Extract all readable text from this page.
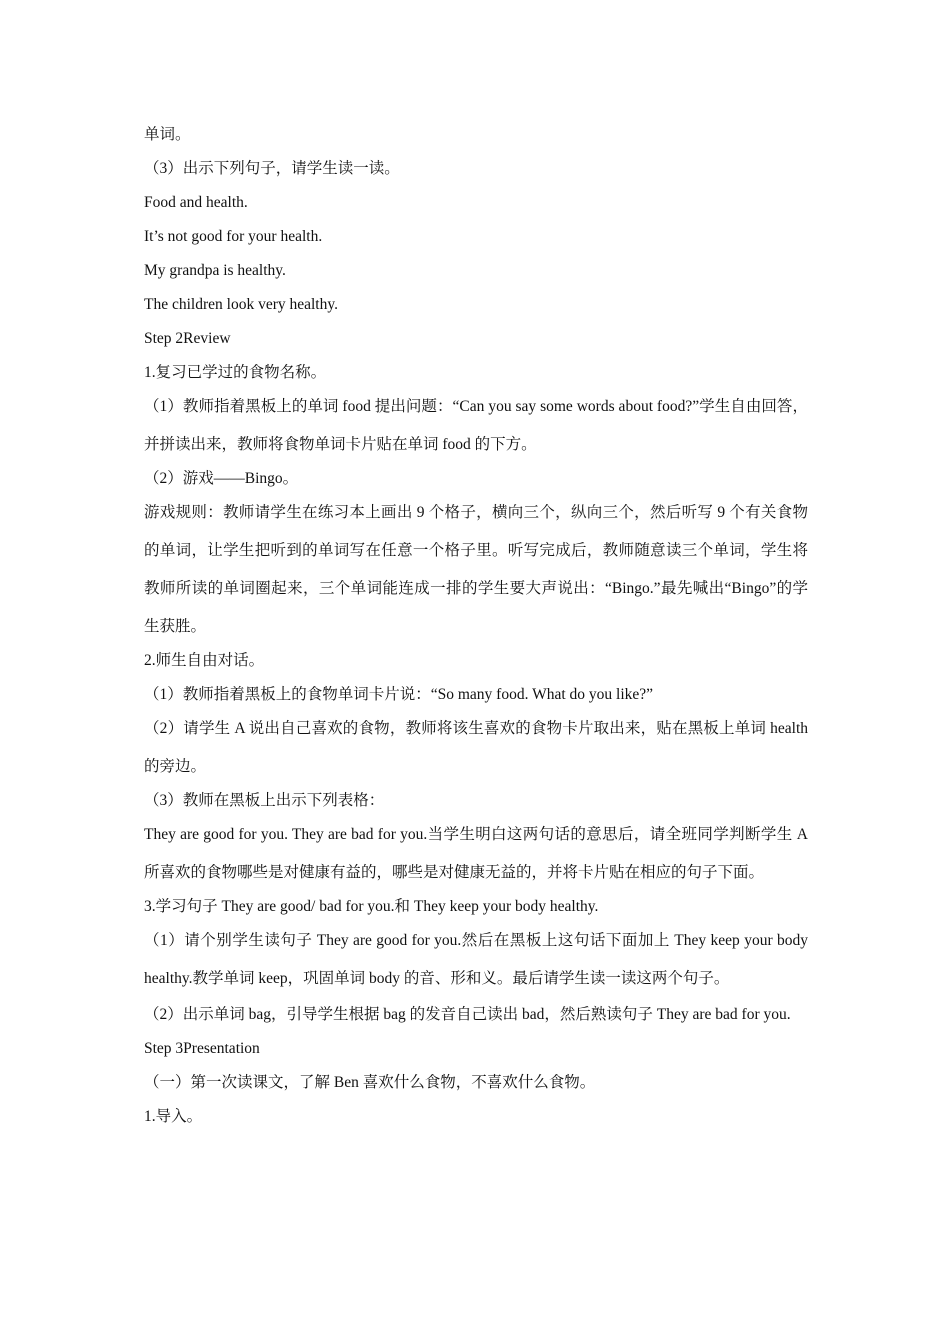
单词。
（3）出示下列句子，请学生读一读。
Food and health.
It’s not good for your health.
My grandpa is healthy.
The children look very healthy.
Step 2Review
1.复习已学过的食物名称。
（1）教师指着黑板上的单词 food 提出问题：“Can you say some words about food?”学生自由回答，并拼读出来，教师将食物单词卡片贴在单词 food 的下方。
（2）游戏——Bingo。
游戏规则：教师请学生在练习本上画出 9 个格子，横向三个，纵向三个，然后听写 9 个有关食物的单词，让学生把听到的单词写在任意一个格子里。听写完成后，教师随意读三个单词，学生将教师所读的单词圈起来，三个单词能连成一排的学生要大声说出：“Bingo.”最先喊出“Bingo”的学生获胜。
2.师生自由对话。
（1）教师指着黑板上的食物单词卡片说：“So many food. What do you like?”
（2）请学生 A 说出自己喜欢的食物，教师将该生喜欢的食物卡片取出来，贴在黑板上单词 health 的旁边。
（3）教师在黑板上出示下列表格：
They are good for you. They are bad for you.当学生明白这两句话的意思后，请全班同学判断学生 A 所喜欢的食物哪些是对健康有益的，哪些是对健康无益的，并将卡片贴在相应的句子下面。
3.学习句子 They are good/ bad for you.和 They keep your body healthy.
（1）请个别学生读句子 They are good for you.然后在黑板上这句话下面加上 They keep your body healthy.教学单词 keep，巩固单词 body 的音、形和义。最后请学生读一读这两个句子。
（2）出示单词 bag，引导学生根据 bag 的发音自己读出 bad，然后熟读句子 They are bad for you.
Step 3Presentation
（一）第一次读课文，了解 Ben 喜欢什么食物，不喜欢什么食物。
1.导入。
